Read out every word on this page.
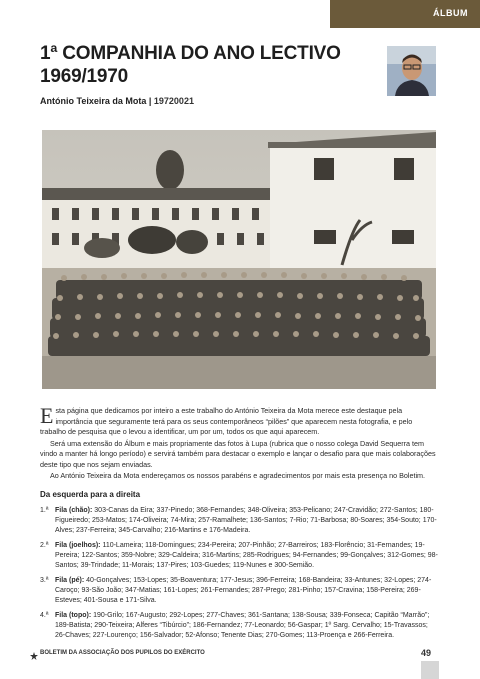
ÁLBUM
1ª COMPANHIA DO ANO LECTIVO
1969/1970
António Teixeira da Mota | 19720021

Esta página que dedicamos por inteiro a este trabalho do António Teixeira da Mota merece este destaque pela importância que seguramente terá para os seus contemporâneos “pilões” que aparecem nesta fotografia, e pelo trabalho de pesquisa que o levou a identificar, um por um, todos os que aqui aparecem.

Será uma extensão do Álbum e mais propriamente das fotos à Lupa (rubrica que o nosso colega David Sequerra tem vindo a manter há longo período) e servirá também para destacar o exemplo e lançar o desafio para que mais colaborações deste tipo que nos sejam enviadas.

Ao António Teixeira da Mota endereçamos os nossos parabéns e agradecimentos por mais esta presença no Boletim.

Da esquerda para a direita
1.ª Fila (chão): 303-Canas da Eira; 337-Pinedo; 368-Fernandes; 348-Oliveira; 353-Pelicano; 247-Cravidão; 272-Santos; 180-Figueiredo; 253-Matos; 174-Oliveira; 74-Mira; 257-Ramalhete; 136-Santos; 7-Rio; 71-Barbosa; 80-Soares; 354-Souto; 170-Alves; 237-Ferreira; 345-Carvalho; 216-Martins e 176-Madeira.
2.ª Fila (joelhos): 110-Lameira; 118-Domingues; 234-Pereira; 207-Pinhão; 27-Barreiros; 183-Florêncio; 31-Fernandes; 19-Pereira; 122-Santos; 359-Nobre; 329-Caldeira; 316-Martins; 285-Rodrigues; 94-Fernandes; 99-Gonçalves; 312-Gomes; 98-Santos; 39-Trindade; 11-Morais; 137-Pires; 103-Guedes; 119-Nunes e 300-Semião.
3.ª Fila (pé): 40-Gonçalves; 153-Lopes; 35-Boaventura; 177-Jesus; 396-Ferreira; 168-Bandeira; 33-Antunes; 32-Lopes; 274-Caroço; 93-São João; 347-Matias; 161-Lopes; 261-Fernandes; 287-Prego; 281-Pinho; 157-Cravina; 158-Pereira; 269-Esteves; 401-Sousa e 171-Silva.
4.ª Fila (topo): 190-Grilo; 167-Augusto; 292-Lopes; 277-Chaves; 361-Santana; 138-Sousa; 339-Fonseca; Capitão “Marrão”; 189-Batista; 290-Teixeira; Alferes “Tibúrcio”; 186-Fernandez; 77-Leonardo; 56-Gaspar; 1º Sarg. Cervalho; 15-Travassos; 26-Chaves; 227-Lourenço; 156-Salvador; 52-Afonso; Tenente Dias; 270-Gomes; 113-Proença e 266-Ferreira.
BOLETIM DA ASSOCIAÇÃO DOS PUPILOS DO EXÉRCITO	49
